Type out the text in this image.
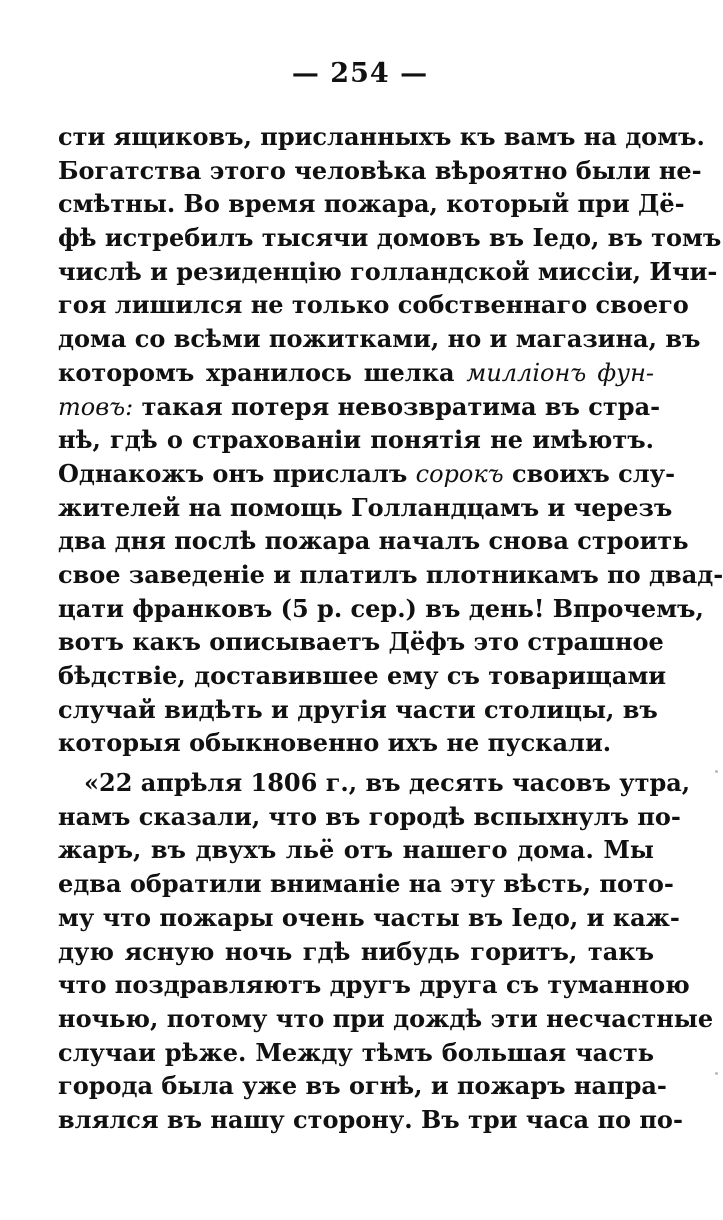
— 254 —
сти ящиковъ, присланныхъ къ вамъ на домъ.
Богатства этого человѣка вѣроятно были не-
смѣтны. Во время пожара, который при Дё-
фѣ истребилъ тысячи домовъ въ Іедо, въ томъ
числѣ и резиденцію голландской миссіи, Ичи-
гоя лишился не только собственнаго своего
дома со всѣми пожитками, но и магазина, въ
которомъ хранилось шелка милліонъ фун-
товъ: такая потеря невозвратима въ стра-
нѣ, гдѣ о страхованіи понятія не имѣютъ.
Однакожъ онъ прислалъ сорокъ своихъ слу-
жителей на помощь Голландцамъ и черезъ
два дня послѣ пожара началъ снова строить
свое заведеніе и платилъ плотникамъ по двад-
цати франковъ (5 р. сер.) въ день! Впрочемъ,
вотъ какъ описываетъ Дёфъ это страшное
бѣдствіе, доставившее ему съ товарищами
случай видѣть и другія части столицы, въ
которыя обыкновенно ихъ не пускали.
«22 апрѣля 1806 г., въ десять часовъ утра,
намъ сказали, что въ городѣ вспыхнулъ по-
жаръ, въ двухъ льё отъ нашего дома. Мы
едва обратили вниманіе на эту вѣсть, пото-
му что пожары очень часты въ Іедо, и каж-
дую ясную ночь гдѣ нибудь горитъ, такъ
что поздравляютъ другъ друга съ туманною
ночью, потому что при дождѣ эти несчастные
случаи рѣже. Между тѣмъ большая часть
города была уже въ огнѣ, и пожаръ напра-
влялся въ нашу сторону. Въ три часа по по-
